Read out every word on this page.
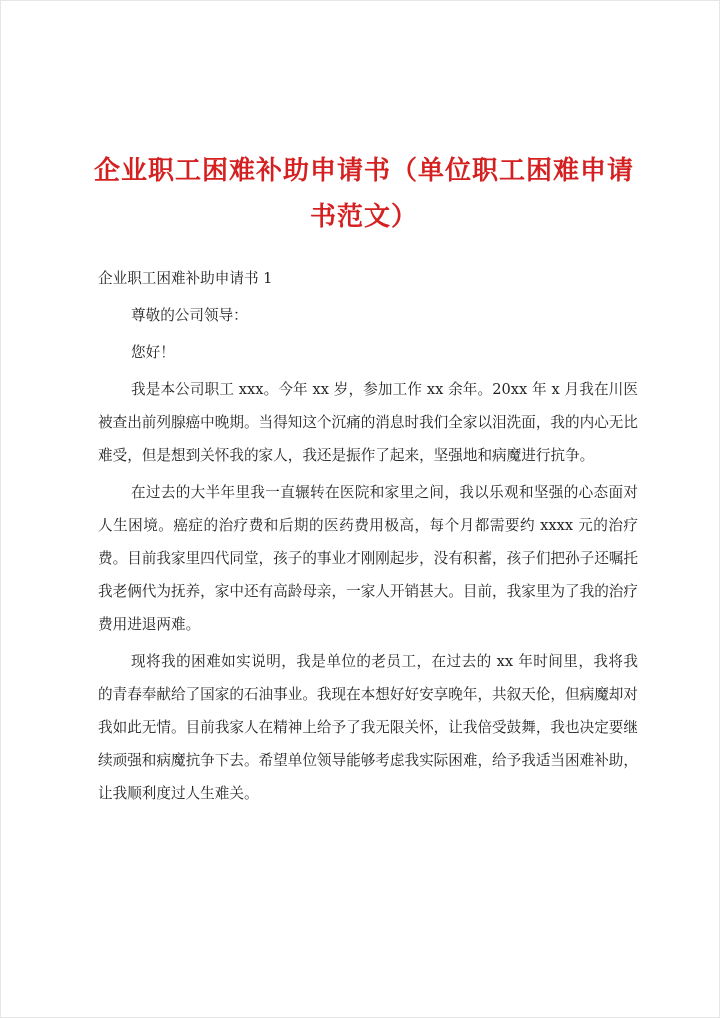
企业职工困难补助申请书（单位职工困难申请
书范文）

企业职工困难补助申请书 1

尊敬的公司领导：

您好！

我是本公司职工 xxx。今年 xx 岁，参加工作 xx 余年。20xx 年 x 月我在川医被查出前列腺癌中晚期。当得知这个沉痛的消息时我们全家以泪洗面，我的内心无比难受，但是想到关怀我的家人，我还是振作了起来，坚强地和病魔进行抗争。

在过去的大半年里我一直辗转在医院和家里之间，我以乐观和坚强的心态面对人生困境。癌症的治疗费和后期的医药费用极高，每个月都需要约 xxxx 元的治疗费。目前我家里四代同堂，孩子的事业才刚刚起步，没有积蓄，孩子们把孙子还嘱托我老俩代为抚养，家中还有高龄母亲，一家人开销甚大。目前，我家里为了我的治疗费用进退两难。

现将我的困难如实说明，我是单位的老员工，在过去的 xx 年时间里，我将我的青春奉献给了国家的石油事业。我现在本想好好安享晚年，共叙天伦，但病魔却对我如此无情。目前我家人在精神上给予了我无限关怀，让我倍受鼓舞，我也决定要继续顽强和病魔抗争下去。希望单位领导能够考虑我实际困难，给予我适当困难补助，让我顺利度过人生难关。
